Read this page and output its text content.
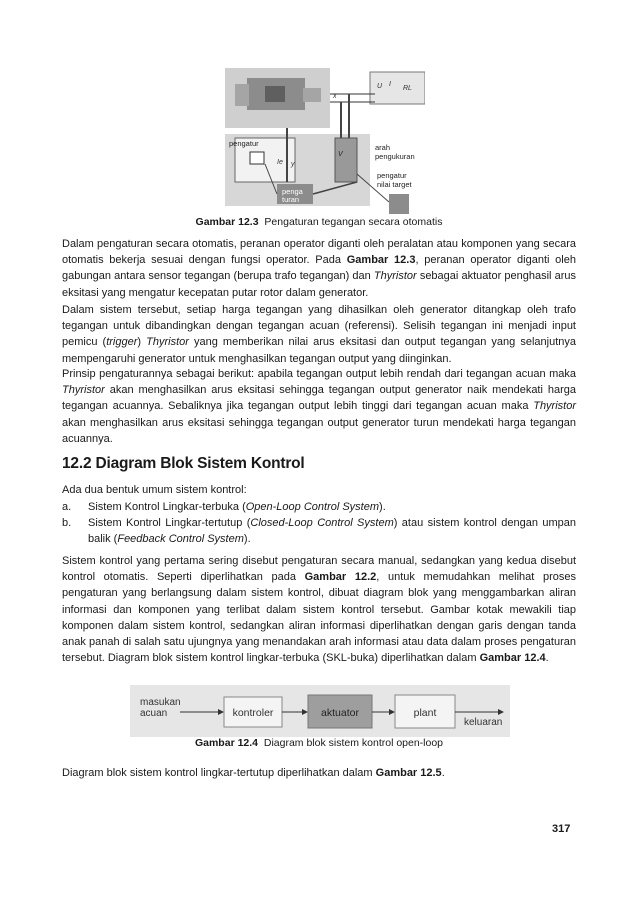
pengatur
Ie y
x
U I
RL
V
arah
pengukuran
pengatur
nilai target
penga
turan
Gambar 12.3 Pengaturan tegangan secara otomatis

Dalam pengaturan secara otomatis, peranan operator diganti oleh peralatan atau komponen yang secara otomatis bekerja sesuai dengan fungsi operator. Pada Gambar 12.3, peranan operator diganti oleh gabungan antara sensor tegangan (berupa trafo tegangan) dan Thyristor sebagai aktuator penghasil arus eksitasi yang mengatur kecepatan putar rotor dalam generator.

Dalam sistem tersebut, setiap harga tegangan yang dihasilkan oleh generator ditangkap oleh trafo tegangan untuk dibandingkan dengan tegangan acuan (referensi). Selisih tegangan ini menjadi input pemicu (trigger) Thyristor yang memberikan nilai arus eksitasi dan output tegangan yang selanjutnya mempengaruhi generator untuk menghasilkan tegangan output yang diinginkan.

Prinsip pengaturannya sebagai berikut: apabila tegangan output lebih rendah dari tegangan acuan maka Thyristor akan menghasilkan arus eksitasi sehingga tegangan output generator naik mendekati harga tegangan acuannya. Sebaliknya jika tegangan output lebih tinggi dari tegangan acuan maka Thyristor akan menghasilkan arus eksitasi sehingga tegangan output generator turun mendekati harga tegangan acuannya.

12.2 Diagram Blok Sistem Kontrol

Ada dua bentuk umum sistem kontrol:

a. Sistem Kontrol Lingkar-terbuka (Open-Loop Control System).
b. Sistem Kontrol Lingkar-tertutup (Closed-Loop Control System) atau sistem kontrol dengan umpan balik (Feedback Control System).

Sistem kontrol yang pertama sering disebut pengaturan secara manual, sedangkan yang kedua disebut kontrol otomatis. Seperti diperlihatkan pada Gambar 12.2, untuk memudahkan melihat proses pengaturan yang berlangsung dalam sistem kontrol, dibuat diagram blok yang menggambarkan aliran informasi dan komponen yang terlibat dalam sistem kontrol tersebut. Gambar kotak mewakili tiap komponen dalam sistem kontrol, sedangkan aliran informasi diperlihatkan dengan garis dengan tanda anak panah di salah satu ujungnya yang menandakan arah informasi atau data dalam proses pengaturan tersebut. Diagram blok sistem kontrol lingkar-terbuka (SKL-buka) diperlihatkan dalam Gambar 12.4.

masukan
acuan	kontroler	aktuator	plant
keluaran
Gambar 12.4 Diagram blok sistem kontrol open-loop

Diagram blok sistem kontrol lingkar-tertutup diperlihatkan dalam Gambar 12.5.

317
